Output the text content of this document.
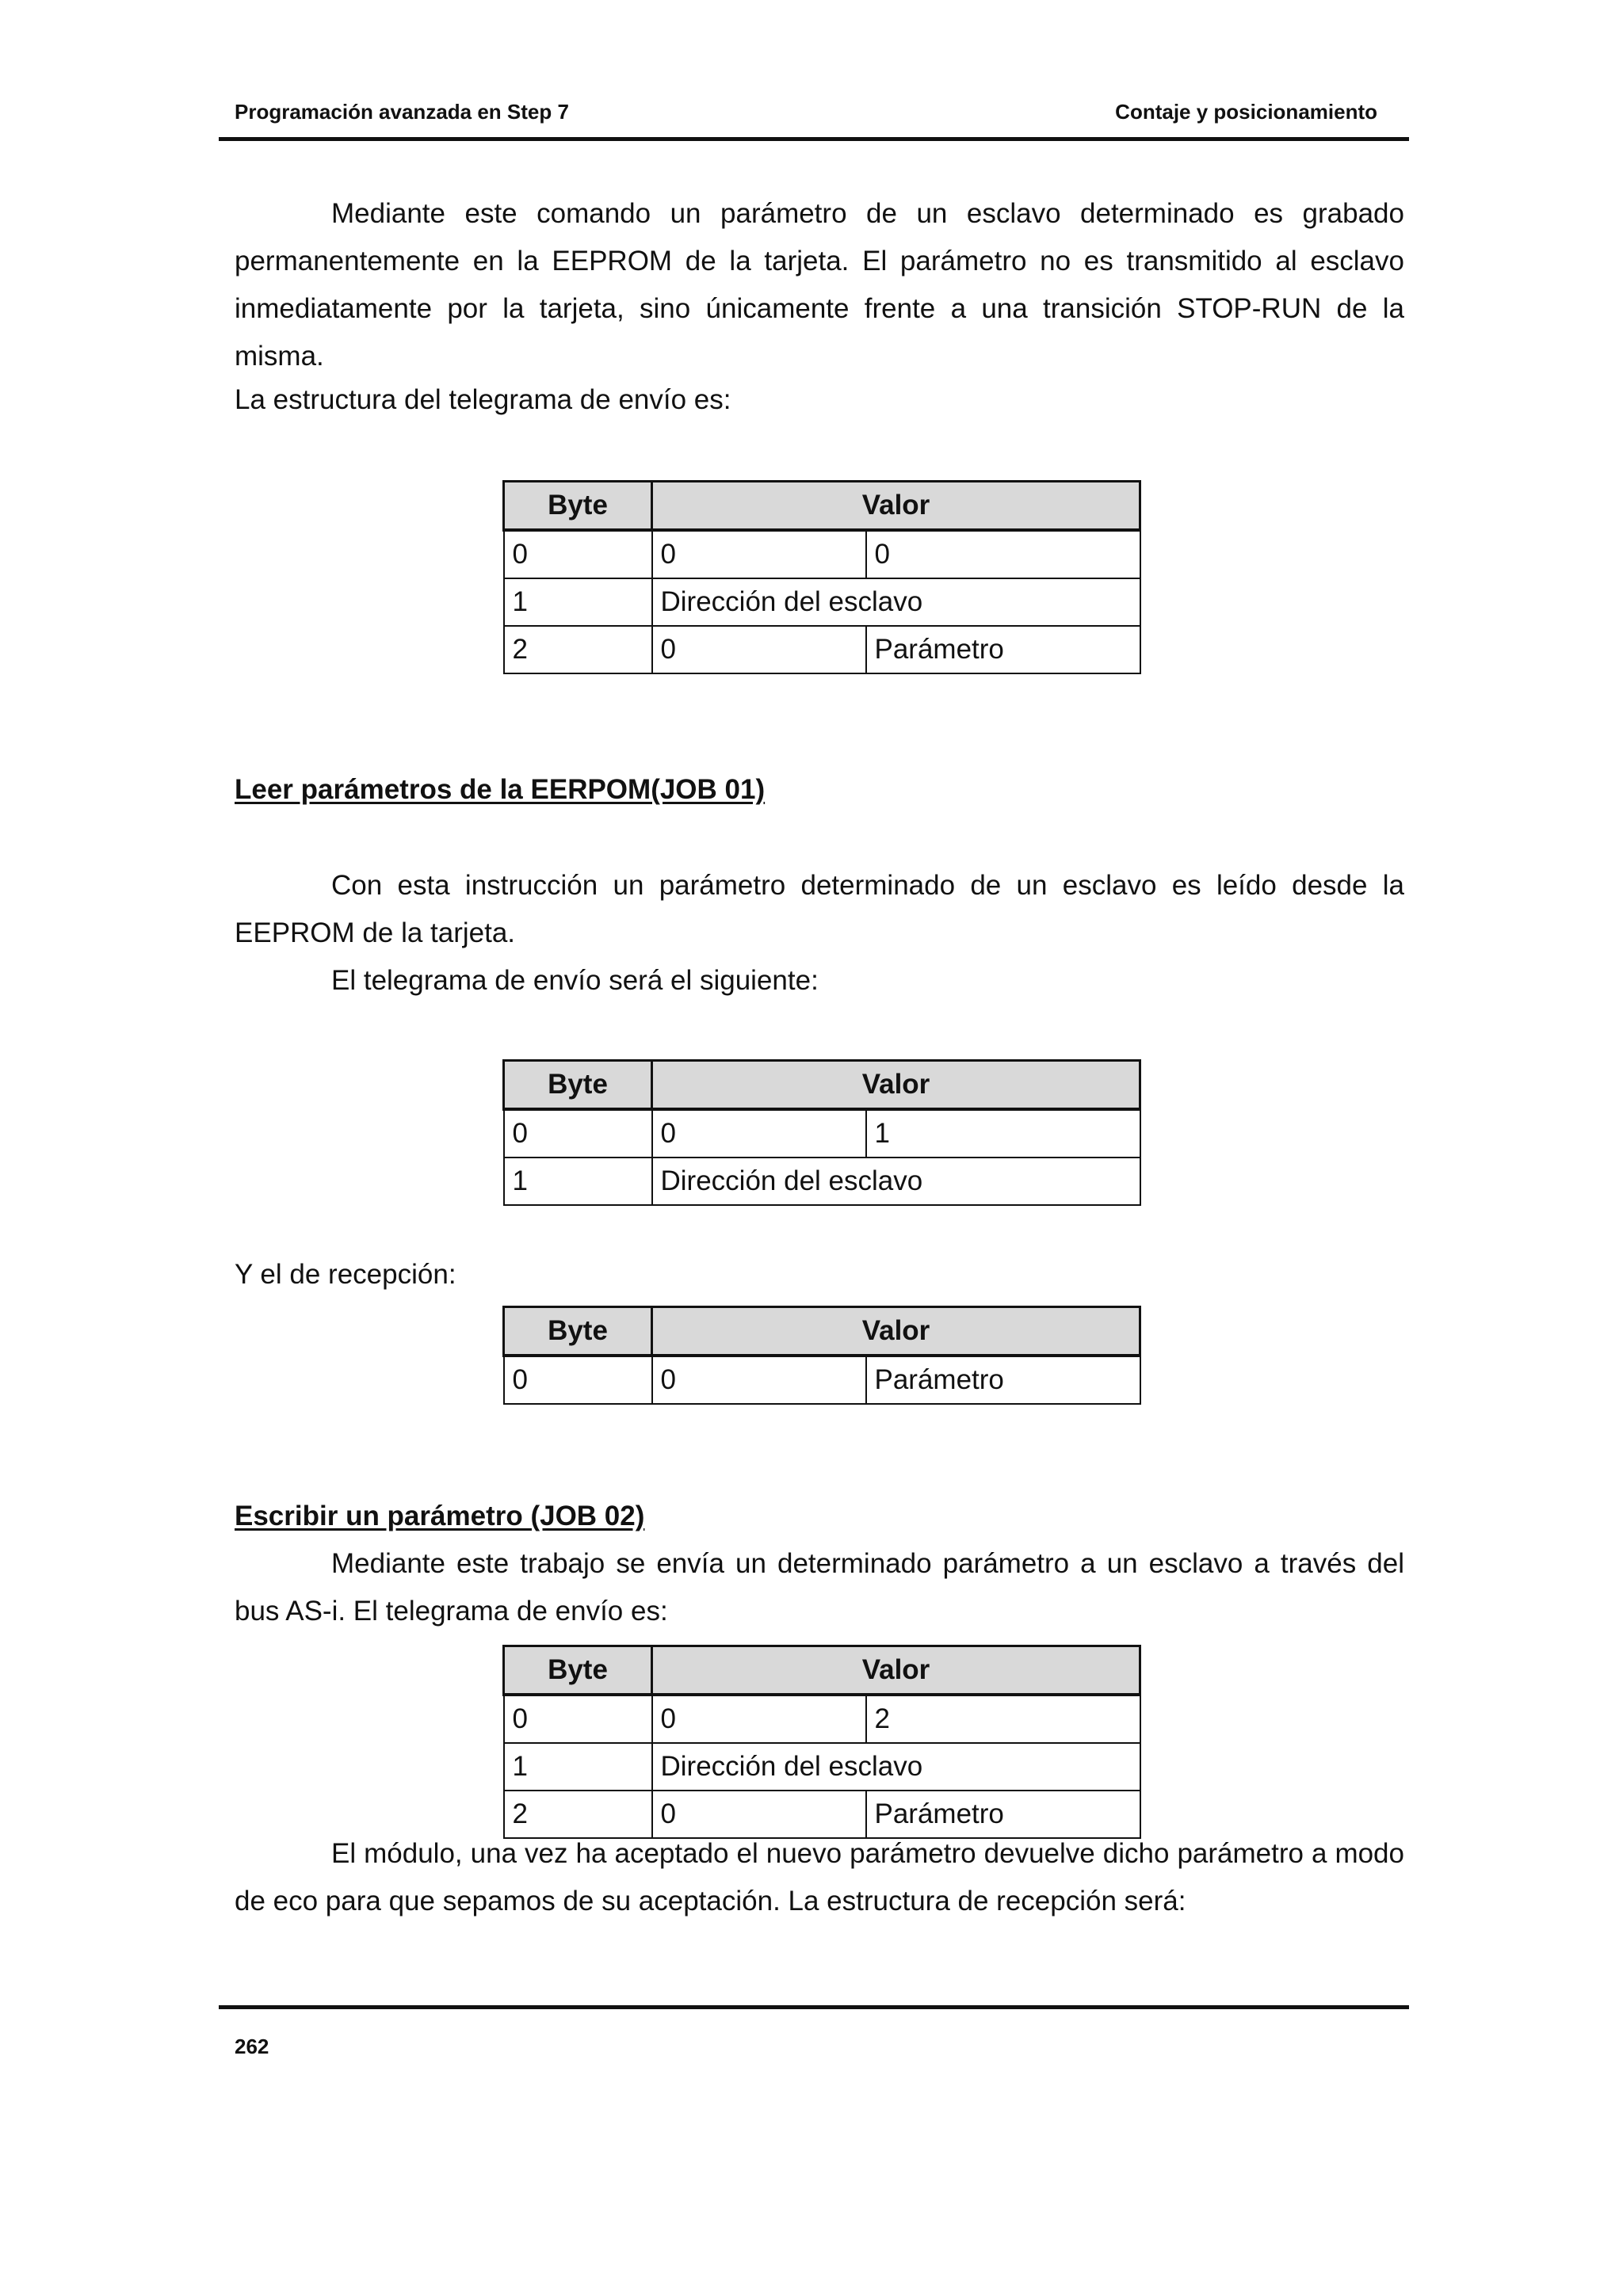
Programación avanzada en Step 7	Contaje y posicionamiento

Mediante este comando un parámetro de un esclavo determinado es grabado permanentemente en la EEPROM de la tarjeta. El parámetro no es transmitido al esclavo inmediatamente por la tarjeta, sino únicamente frente a una transición STOP-RUN de la misma.

La estructura del telegrama de envío es:
Byte	Valor	
0	0	0
1	Dirección del esclavo	
2	0	Parámetro
Leer parámetros de la EERPOM(JOB 01)

Con esta instrucción un parámetro determinado de un esclavo es leído desde la EEPROM de la tarjeta.

El telegrama de envío será el siguiente:
Byte	Valor	
0	0	1
1	Dirección del esclavo	
Y el de recepción:
Byte	Valor	
0	0	Parámetro
Escribir un parámetro (JOB 02)

Mediante este trabajo se envía un determinado parámetro a un esclavo a través del bus AS-i. El telegrama de envío es:

Byte	Valor	
0	0	2
1	Dirección del esclavo	
2	0	Parámetro

El módulo, una vez ha aceptado el nuevo parámetro devuelve dicho parámetro a modo de eco para que sepamos de su aceptación. La estructura de recepción será:

262
